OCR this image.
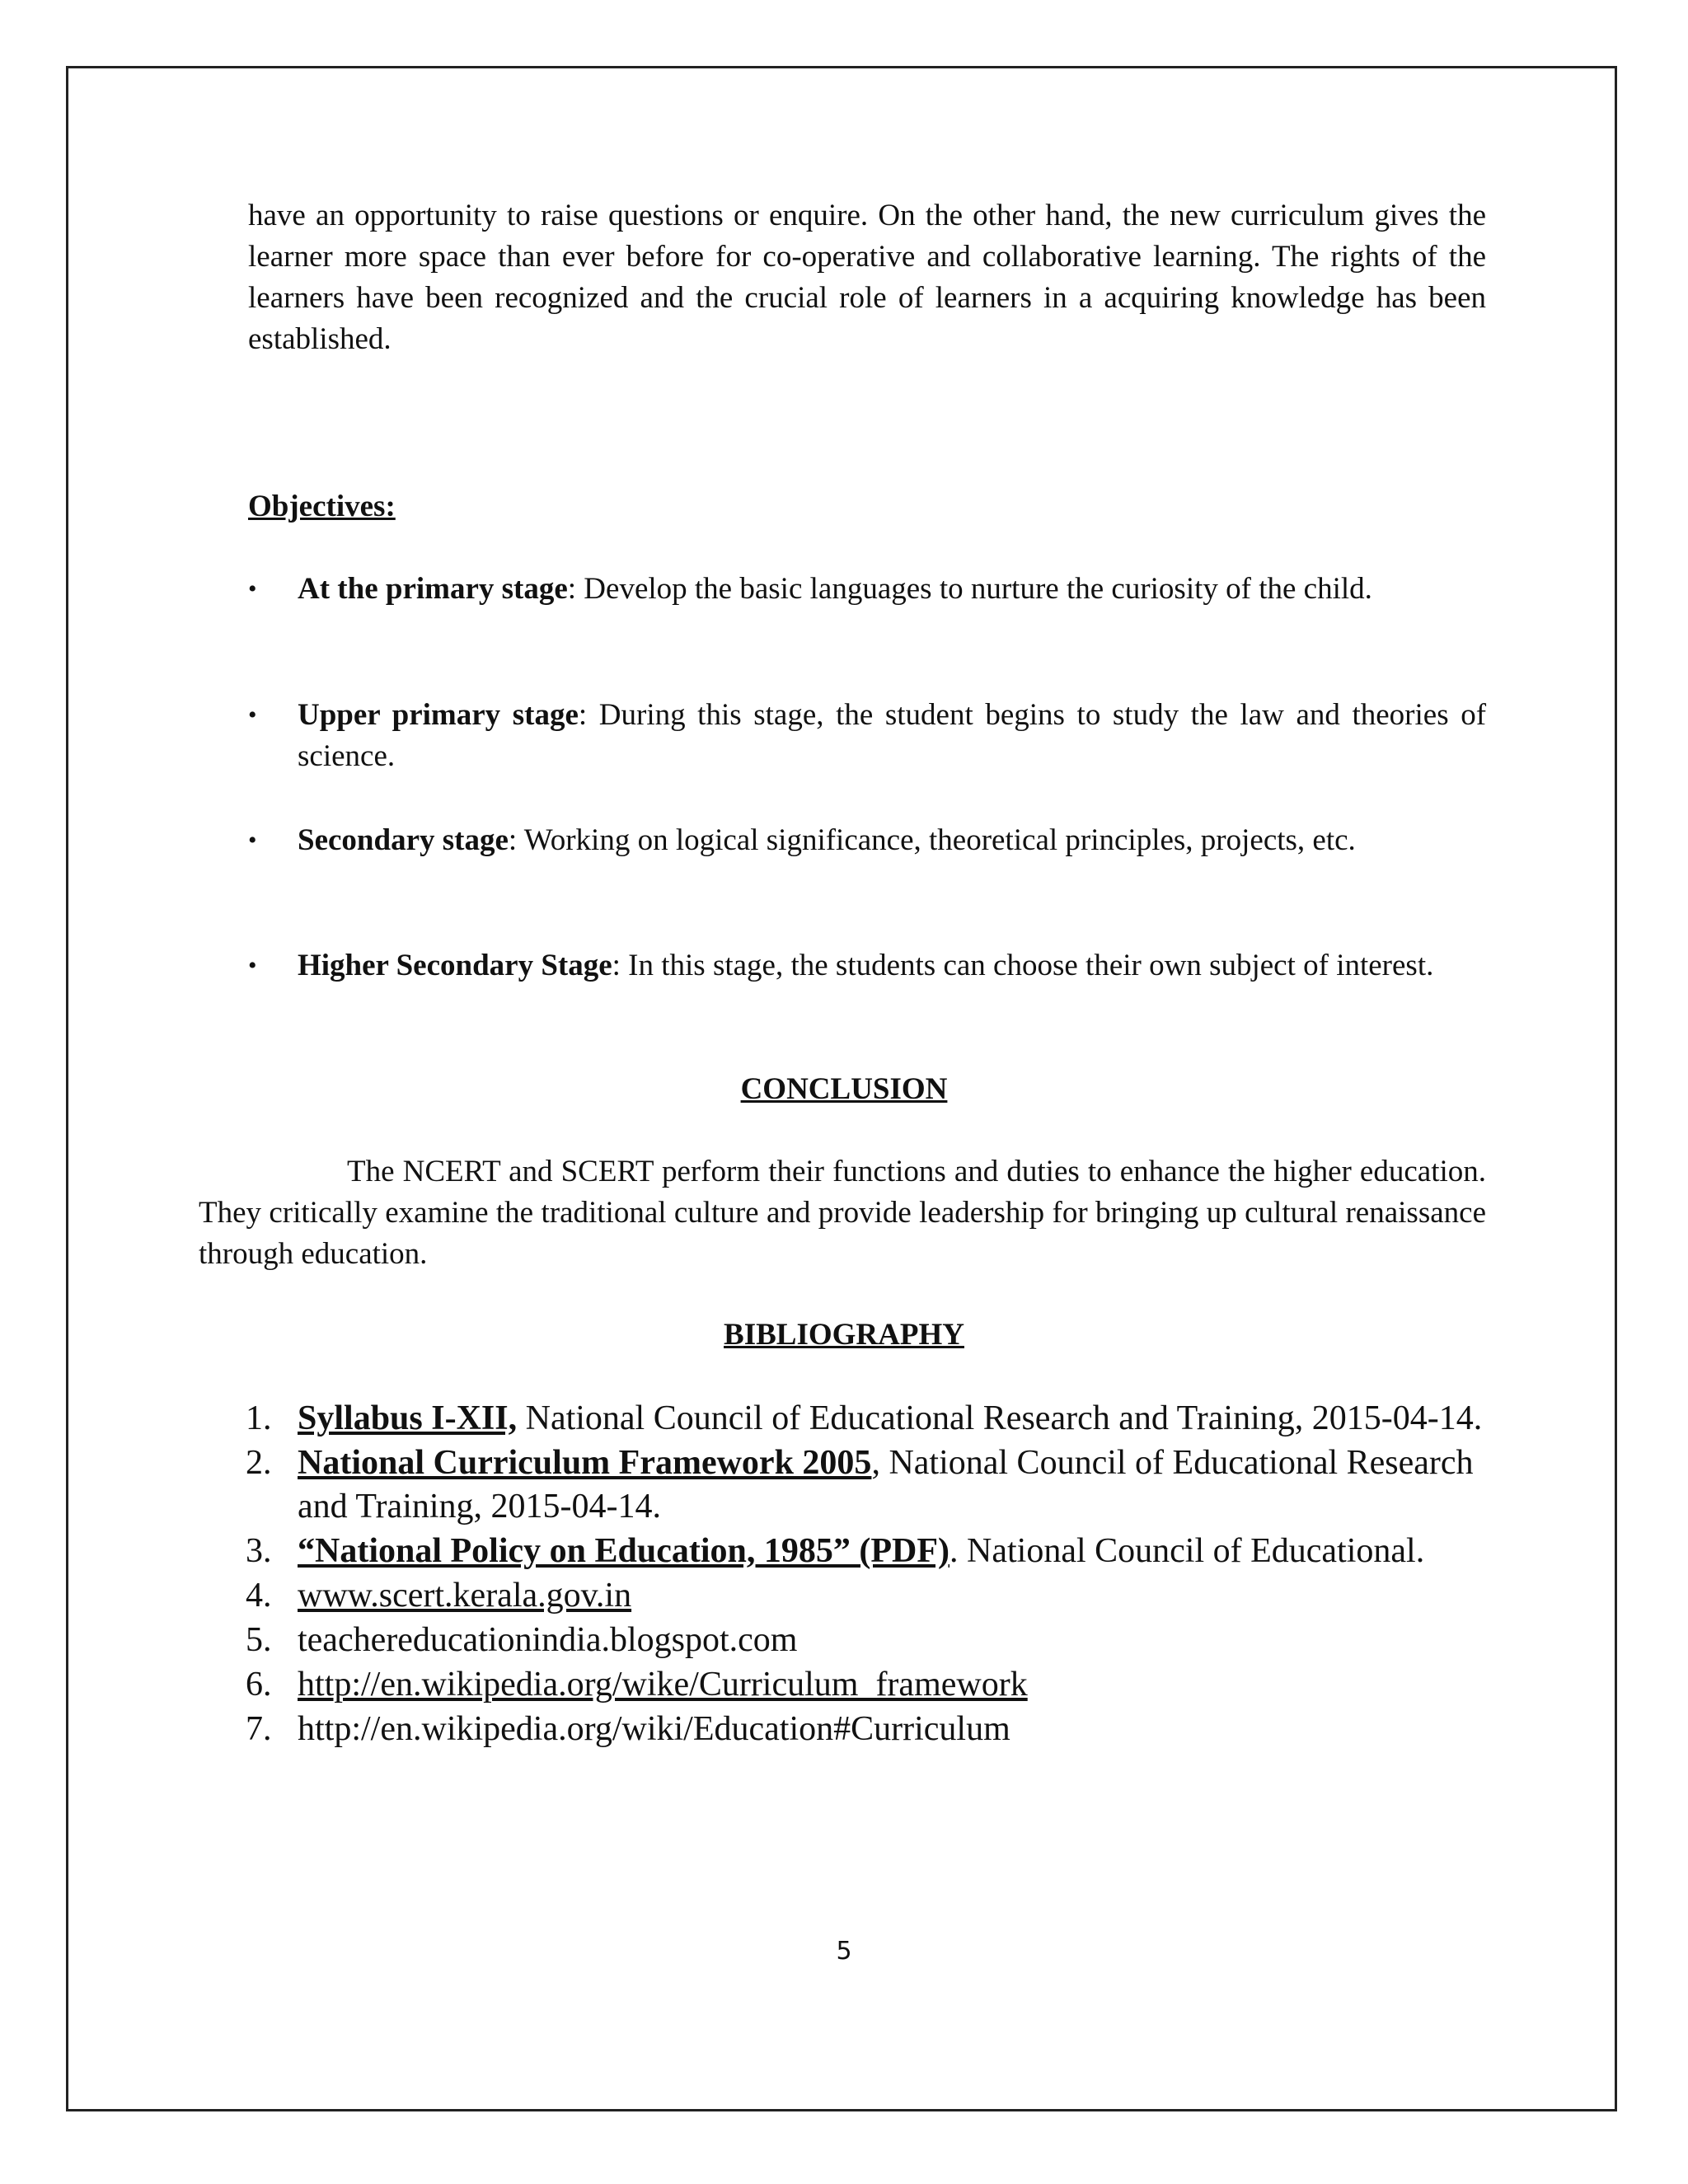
have an opportunity to raise questions or enquire. On the other hand, the new curriculum gives the learner more space than ever before for co-operative and collaborative learning. The rights of the learners have been recognized and the crucial role of learners in a acquiring knowledge has been established.

Objectives:
•	At the primary stage: Develop the basic languages to nurture the curiosity of the child.
•	Upper primary stage: During this stage, the student begins to study the law and theories of science.
•	Secondary stage: Working on logical significance, theoretical principles, projects, etc.
•	Higher Secondary Stage: In this stage, the students can choose their own subject of interest.
CONCLUSION

The NCERT and SCERT perform their functions and duties to enhance the higher education. They critically examine the traditional culture and provide leadership for bringing up cultural renaissance through education.

BIBLIOGRAPHY
1. Syllabus I-XII, National Council of Educational Research and Training, 2015-04-14.
2. National Curriculum Framework 2005, National Council of Educational Research and Training, 2015-04-14.
3. “National Policy on Education, 1985” (PDF). National Council of Educational.
4. www.scert.kerala.gov.in
5. teachereducationindia.blogspot.com
6. http://en.wikipedia.org/wike/Curriculum_framework
7. http://en.wikipedia.org/wiki/Education#Curriculum
5
